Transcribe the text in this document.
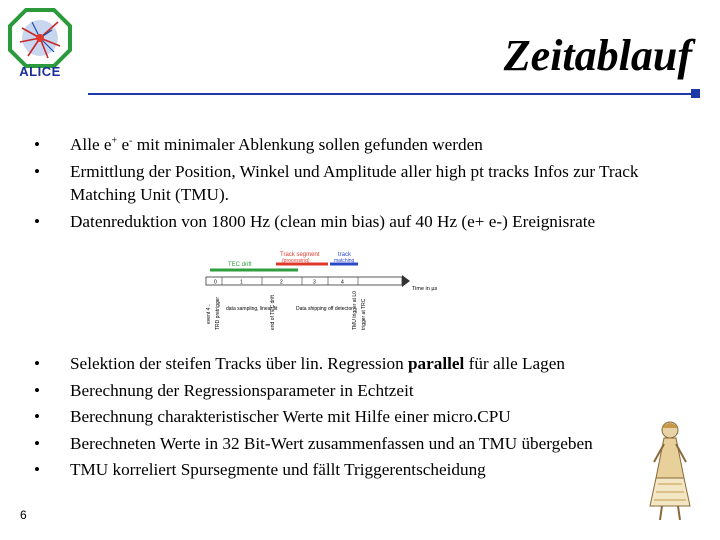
ALICE	Zeitablauf
• Alle e+ e- mit minimaler Ablenkung sollen gefunden werden
• Ermittlung der Position, Winkel und Amplitude aller high pt tracks Infos zur Track Matching Unit (TMU).
• Datenreduktion von 1800 Hz (clean min bias) auf 40 Hz (e+ e-) Ereignisrate
TEC drift
Track segment
(processing)
track
matching
0	1	2	3	4
Time in µs
event 4... TRD pretrigger	end of TEC drift	TMU trigger at L0 trigger at TRC
data sampling, linear fit	Data shipping off detector
• Selektion der steifen Tracks über lin. Regression parallel für alle Lagen
• Berechnung der Regressionsparameter in Echtzeit
• Berechnung charakteristischer Werte mit Hilfe einer micro.CPU
• Berechneten Werte in 32 Bit-Wert zusammenfassen und an TMU übergeben
• TMU korreliert Spursegmente und fällt Triggerentscheidung
6
